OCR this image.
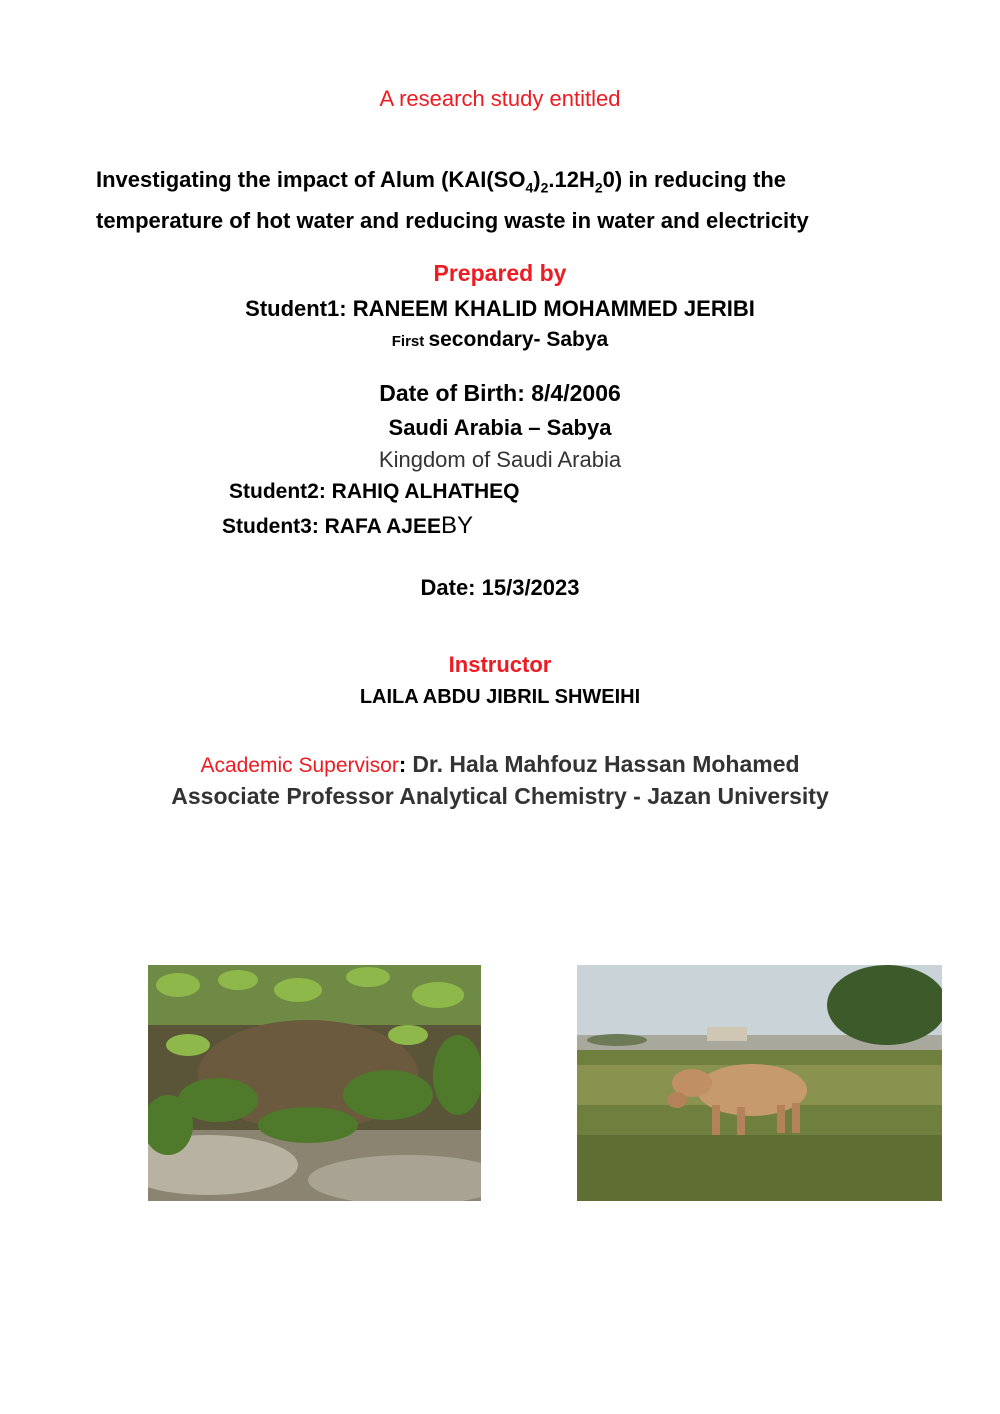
A research study entitled
Investigating the impact of Alum $(KAI(SO_4)_2.12H_20)$ in reducing the
temperature of hot water and reducing waste in water and electricity
Prepared by
Student1: RANEEM KHALID MOHAMMED JERIBI
First secondary- Sabya
Date of Birth: 8/4/2006
Saudi Arabia – Sabya
Kingdom of Saudi Arabia
Student2: RAHIQ ALHATHEQ
Student3: RAFA AJEEBY
Date: 15/3/2023
Instructor
LAILA ABDU JIBRIL SHWEIHI
Academic Supervisor: Dr. Hala Mahfouz Hassan Mohamed
Associate Professor Analytical Chemistry - Jazan University
